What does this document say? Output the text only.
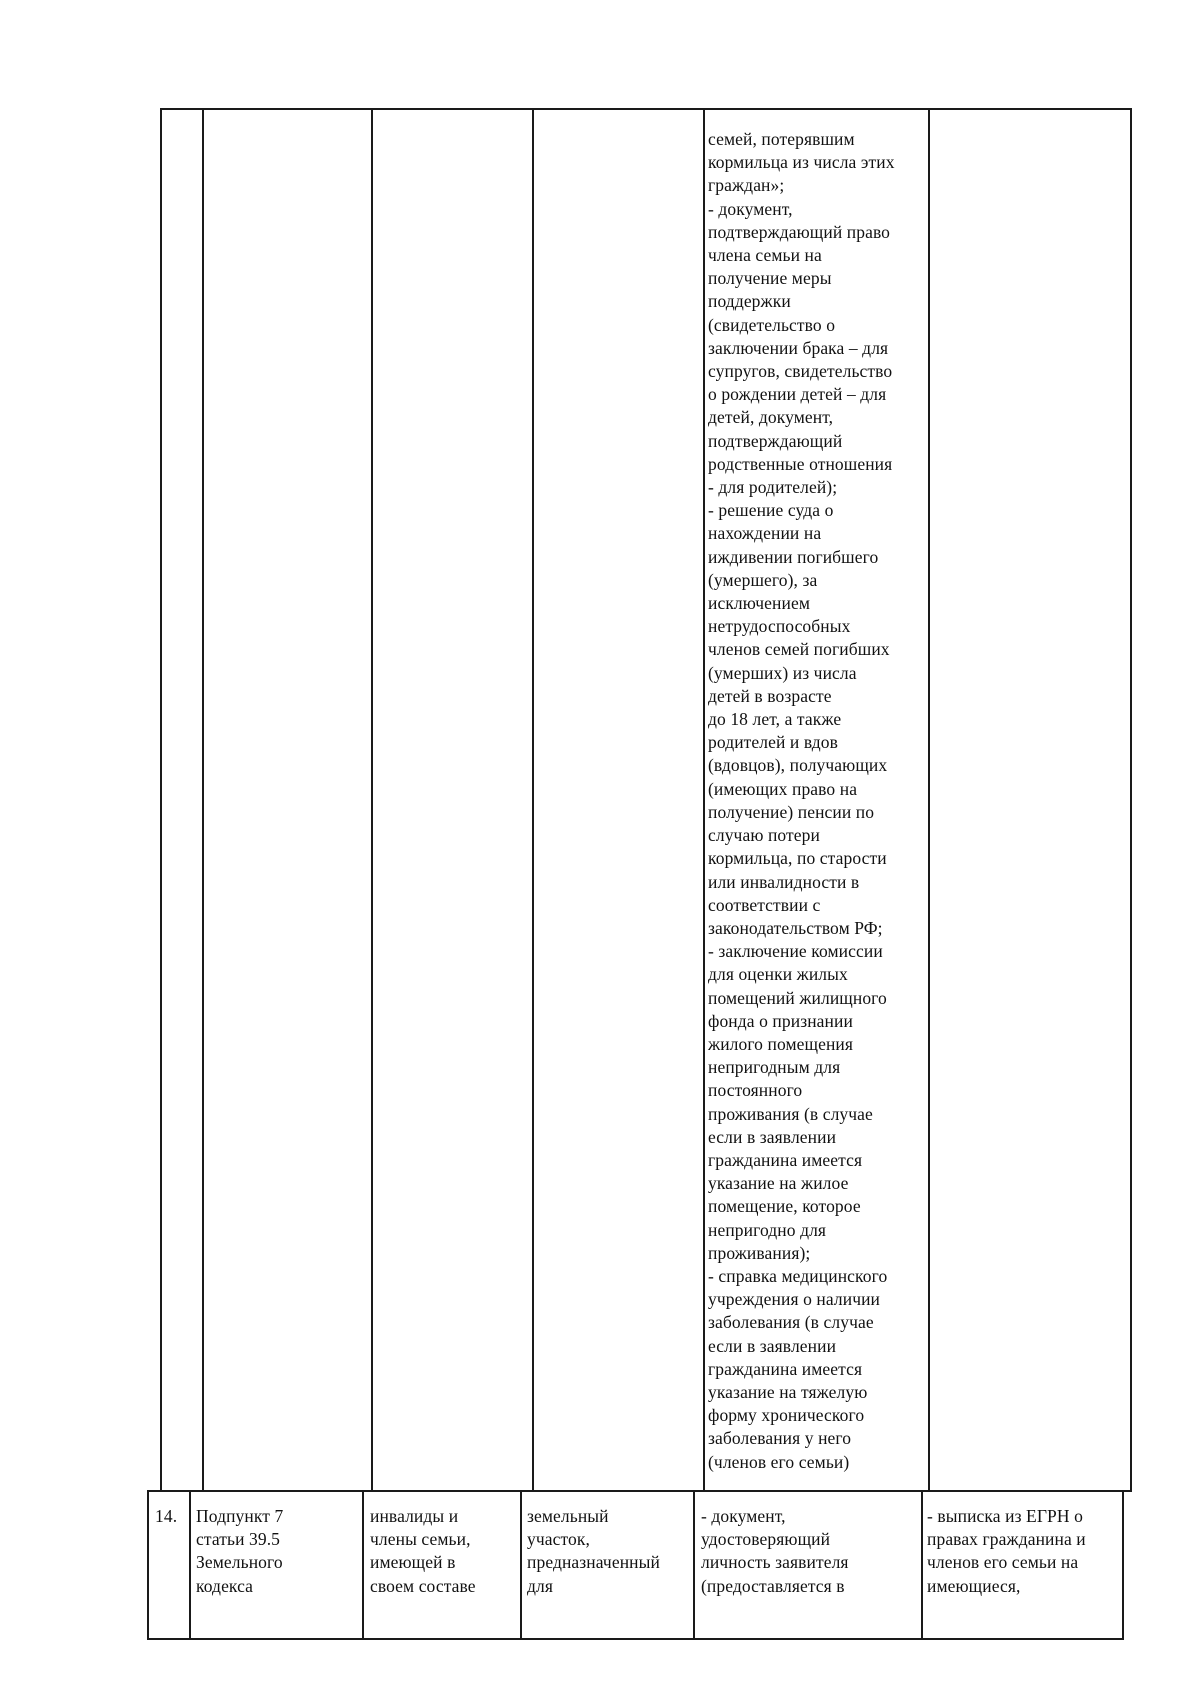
семей, потерявшим
кормильца из числа этих
граждан»;
- документ,
подтверждающий право
члена семьи на
получение меры
поддержки
(свидетельство о
заключении брака – для
супругов, свидетельство
о рождении детей – для
детей, документ,
подтверждающий
родственные отношения
- для родителей);
- решение суда о
нахождении на
иждивении погибшего
(умершего), за
исключением
нетрудоспособных
членов семей погибших
(умерших) из числа
детей в возрасте
до 18 лет, а также
родителей и вдов
(вдовцов), получающих
(имеющих право на
получение) пенсии по
случаю потери
кормильца, по старости
или инвалидности в
соответствии с
законодательством РФ;
- заключение комиссии
для оценки жилых
помещений жилищного
фонда о признании
жилого помещения
непригодным для
постоянного
проживания (в случае
если в заявлении
гражданина имеется
указание на жилое
помещение, которое
непригодно для
проживания);
- справка медицинского
учреждения о наличии
заболевания (в случае
если в заявлении
гражданина имеется
указание на тяжелую
форму хронического
заболевания у него
(членов его семьи)
14.	Подпункт 7
статьи 39.5
Земельного
кодекса
инвалиды и
члены семьи,
имеющей в
своем составе
земельный
участок,
предназначенный
для
- документ,
удостоверяющий
личность заявителя
(предоставляется в
- выписка из ЕГРН о
правах гражданина и
членов его семьи на
имеющиеся,
